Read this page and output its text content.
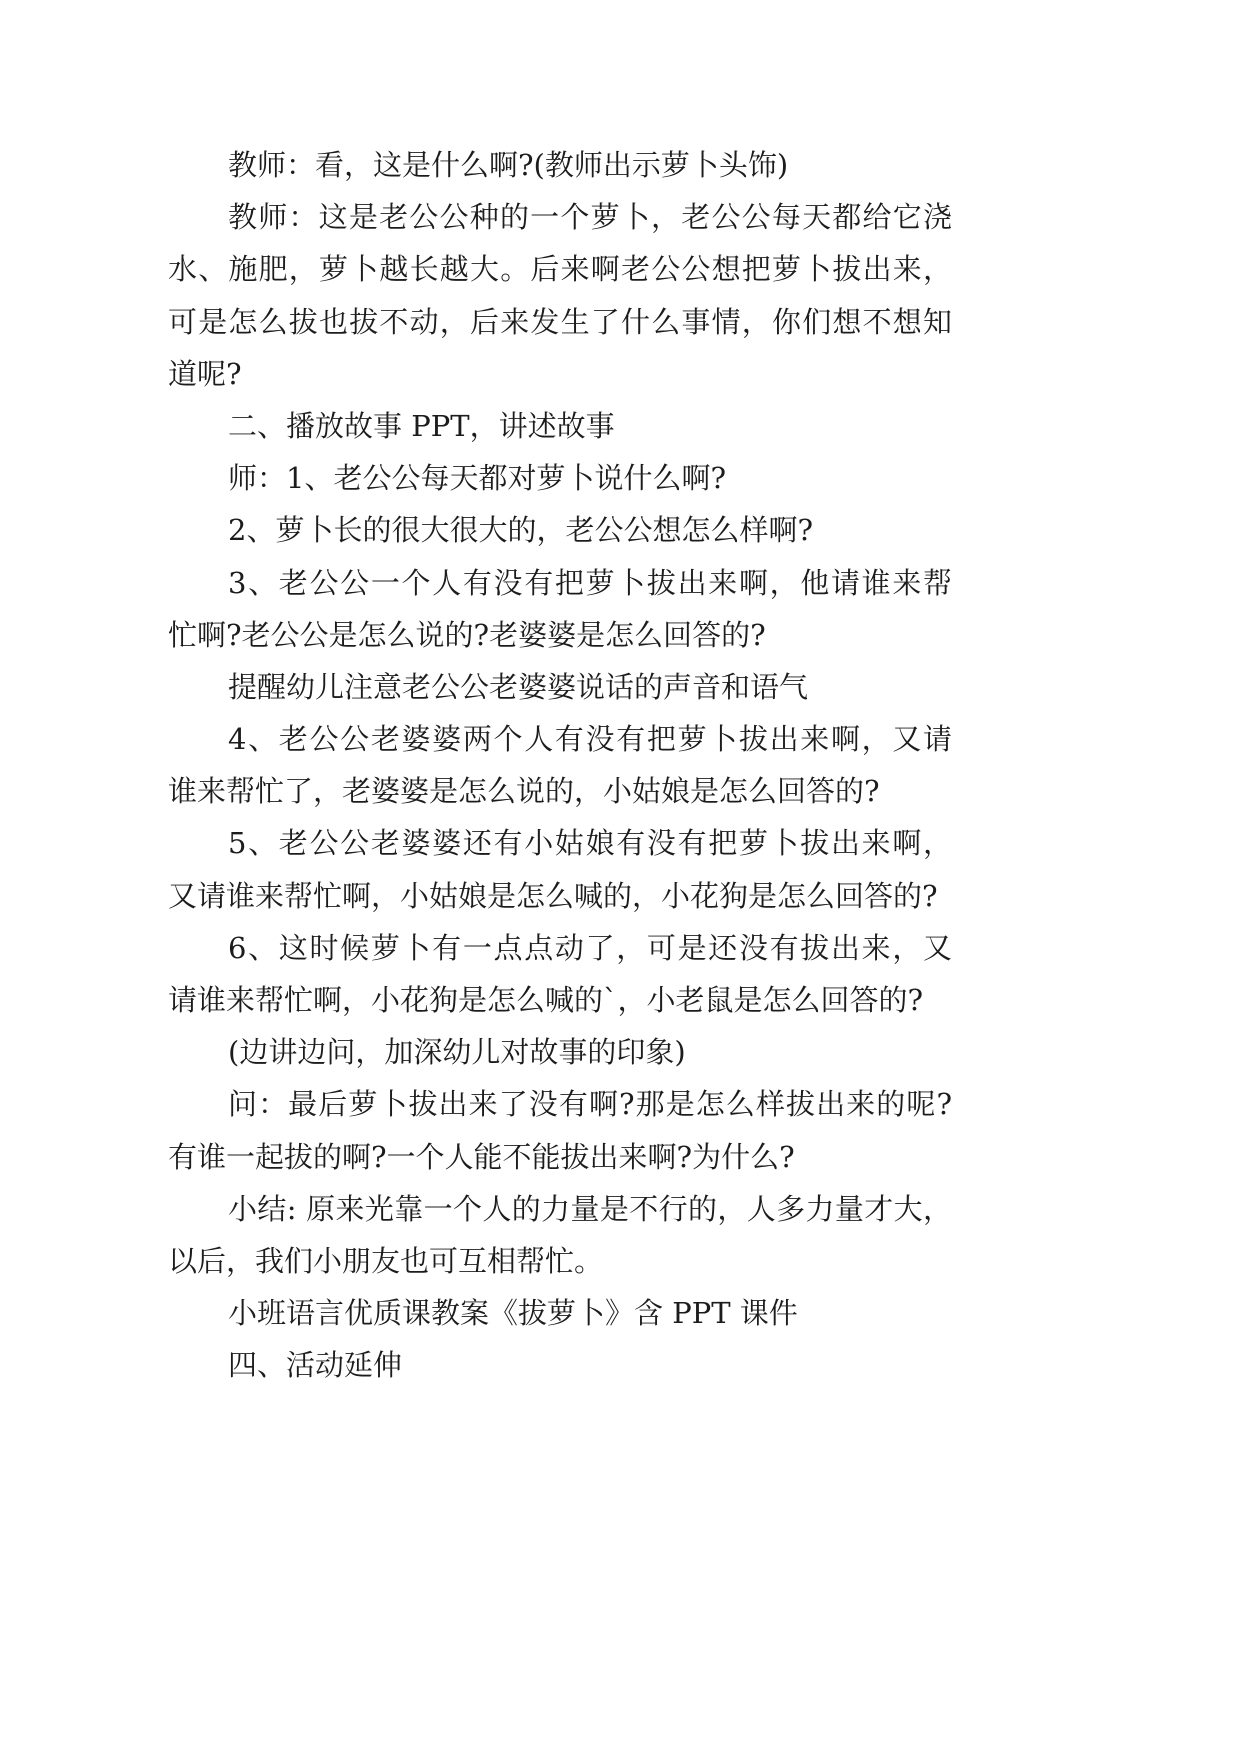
教师：看，这是什么啊?(教师出示萝卜头饰)
教师：这是老公公种的一个萝卜，老公公每天都给它浇
水、施肥，萝卜越长越大。后来啊老公公想把萝卜拔出来，
可是怎么拔也拔不动，后来发生了什么事情，你们想不想知
道呢?
二、播放故事 PPT，讲述故事
师：1、老公公每天都对萝卜说什么啊?
2、萝卜长的很大很大的，老公公想怎么样啊?
3、老公公一个人有没有把萝卜拔出来啊，他请谁来帮
忙啊?老公公是怎么说的?老婆婆是怎么回答的?
提醒幼儿注意老公公老婆婆说话的声音和语气
4、老公公老婆婆两个人有没有把萝卜拔出来啊，又请
谁来帮忙了，老婆婆是怎么说的，小姑娘是怎么回答的?
5、老公公老婆婆还有小姑娘有没有把萝卜拔出来啊，
又请谁来帮忙啊，小姑娘是怎么喊的，小花狗是怎么回答的?
6、这时候萝卜有一点点动了，可是还没有拔出来，又
请谁来帮忙啊，小花狗是怎么喊的`，小老鼠是怎么回答的?
(边讲边问，加深幼儿对故事的印象)
问：最后萝卜拔出来了没有啊?那是怎么样拔出来的呢?
有谁一起拔的啊?一个人能不能拔出来啊?为什么?
小结: 原来光靠一个人的力量是不行的，人多力量才大，
以后，我们小朋友也可互相帮忙。
小班语言优质课教案《拔萝卜》含 PPT 课件
四、活动延伸
